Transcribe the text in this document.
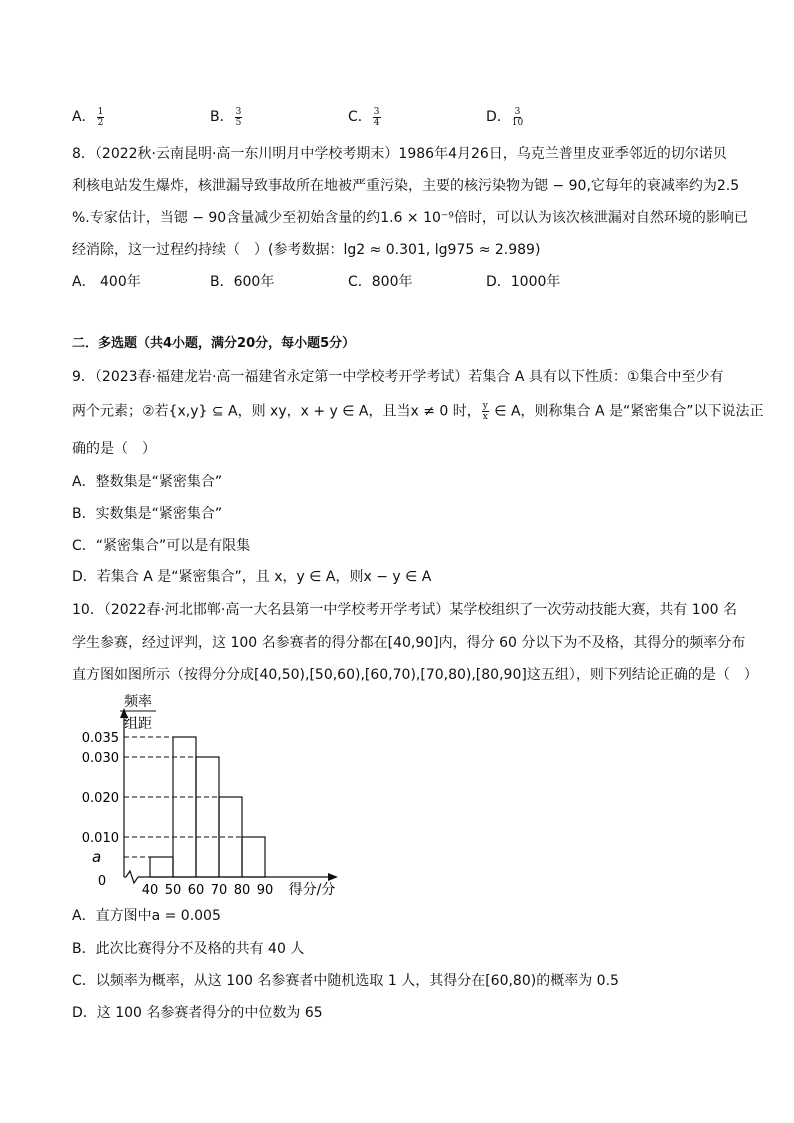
A． $\frac{1}{2}$	B． $\frac{3}{5}$	C． $\frac{3}{4}$	D． $\frac{3}{10}$
8．（2022秋·云南昆明·高一东川明月中学校考期末）1986年4月26日，乌克兰普里皮亚季邻近的切尔诺贝
利核电站发生爆炸，核泄漏导致事故所在地被严重污染，主要的核污染物为锶 − 90,它每年的衰减率约为2.5
%.专家估计，当锶 − 90含量减少至初始含量的约1.6 × 10⁻⁹倍时，可以认为该次核泄漏对自然环境的影响已
经消除，这一过程约持续（　）(参考数据：lg2 ≈ 0.301, lg975 ≈ 2.989)
A． 400年	B．600年	C．800年	D．1000年
二．多选题（共4小题，满分20分，每小题5分）
9．（2023春·福建龙岩·高一福建省永定第一中学校考开学考试）若集合 A 具有以下性质：①集合中至少有
两个元素；②若{x,y} ⊆ A，则 xy，x + y ∈ A，且当x ≠ 0 时， $\frac{y}{x}$ ∈ A，则称集合 A 是“紧密集合”以下说法正
确的是（　）
A．整数集是“紧密集合”
B．实数集是“紧密集合”
C．“紧密集合”可以是有限集
D．若集合 A 是“紧密集合”，且 x，y ∈ A，则x − y ∈ A
10．（2022春·河北邯郸·高一大名县第一中学校考开学考试）某学校组织了一次劳动技能大赛，共有 100 名
学生参赛，经过评判，这 100 名参赛者的得分都在[40,90]内，得分 60 分以下为不及格，其得分的频率分布
直方图如图所示（按得分分成[40,50),[50,60),[60,70),[70,80),[80,90]这五组），则下列结论正确的是（　）
频率
组距
0.035
0.030
0.020
0.010
a
0
40 50 60 70 80 90 得分/分
A．直方图中a = 0.005
B．此次比赛得分不及格的共有 40 人
C．以频率为概率，从这 100 名参赛者中随机选取 1 人，其得分在[60,80)的概率为 0.5
D．这 100 名参赛者得分的中位数为 65
